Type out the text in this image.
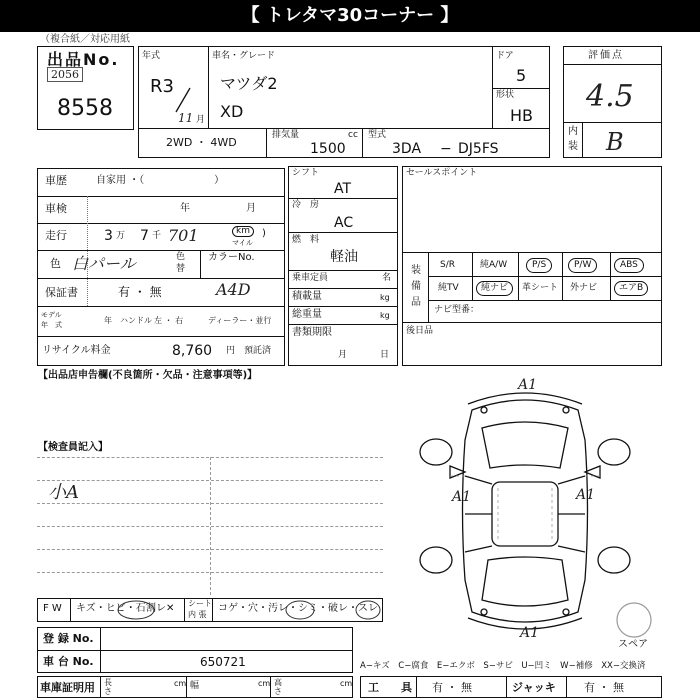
【 トレタマ30コーナー 】
（複合紙／対応用紙
出品No.
2056
8558
年式
R3
11 月
車名・グレード
マツダ2
XD
ドア
5
形状
HB
2WD ・ 4WD
排気量	cc
1500
型式
3DA − DJ5FS
評価点
4.5
内
装 B
車歴	自家用 ・（　　　　　　　）
車検	年	月
走行	3 万 7 千 701	km
マイル
)
色 白パール	色
替
カラーNo.
保証書	有 ・ 無	A4D
モデル
年　式	年 ハンドル 左 ・ 右	ディーラー・並行
リサイクル料金	8,760 円 預託済
シフト
AT
冷　房
AC
燃　料
軽油
乗車定員	名
積載量	kg
総重量	kg
書類期限
月	日
セールスポイント
装
備
品
S/R	純A/W	P/S	P/W	ABS
純TV	純ナビ	革シート 外ナビ	エアB
ナビ型番：
後日品
【出品店申告欄(不良箇所・欠品・注意事項等)】
【検査員記入】
小A
A1
A1	A1
A1
スペア
F W キズ・ヒビ・石 割レ✕ シート
内 張
コゲ・穴・汚レ・シミ・破レ・スレ
登 録 No.
車 台 No.	650721
車庫証明用 長さ
cm 幅	cm 高さ
cm
A−キズ　C−腐食　E−エクボ　S−サビ　U−凹ミ　W−補修　XX−交換済
工　　具 有 ・ 無	ジャッキ	有 ・ 無
